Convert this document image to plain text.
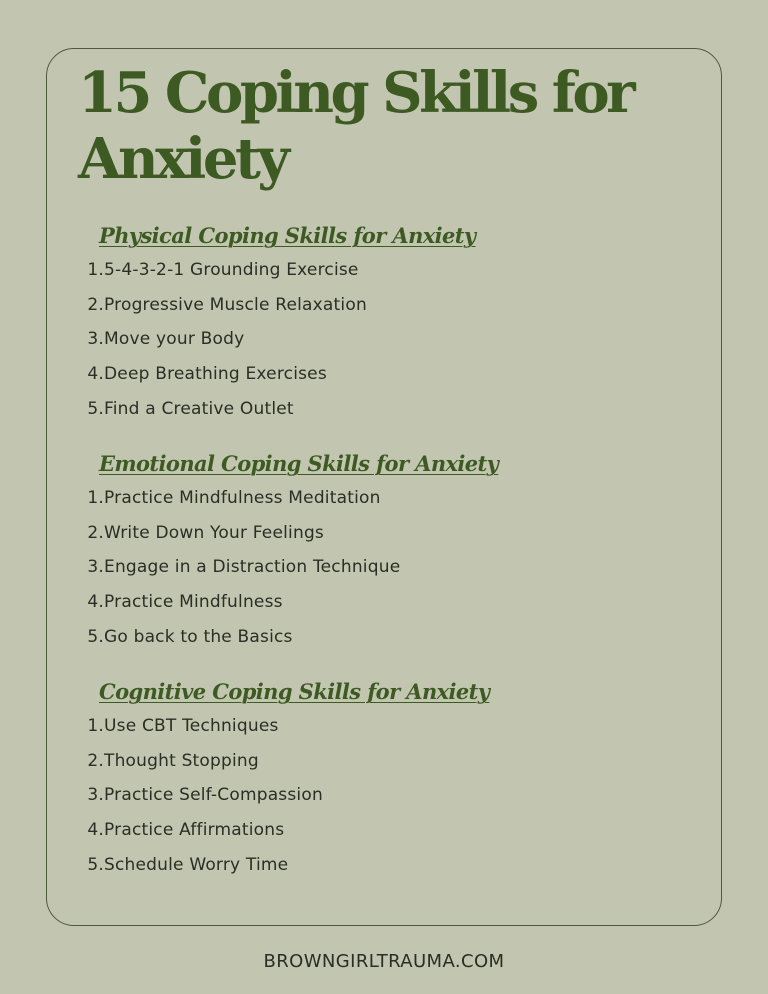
15 Coping Skills for Anxiety
Physical Coping Skills for Anxiety
1. 5-4-3-2-1 Grounding Exercise
2. Progressive Muscle Relaxation
3. Move your Body
4. Deep Breathing Exercises
5. Find a Creative Outlet
Emotional Coping Skills for Anxiety
1. Practice Mindfulness Meditation
2. Write Down Your Feelings
3. Engage in a Distraction Technique
4. Practice Mindfulness
5. Go back to the Basics
Cognitive Coping Skills for Anxiety
1. Use CBT Techniques
2. Thought Stopping
3. Practice Self-Compassion
4. Practice Affirmations
5. Schedule Worry Time
BROWNGIRLTRAUMA.COM
